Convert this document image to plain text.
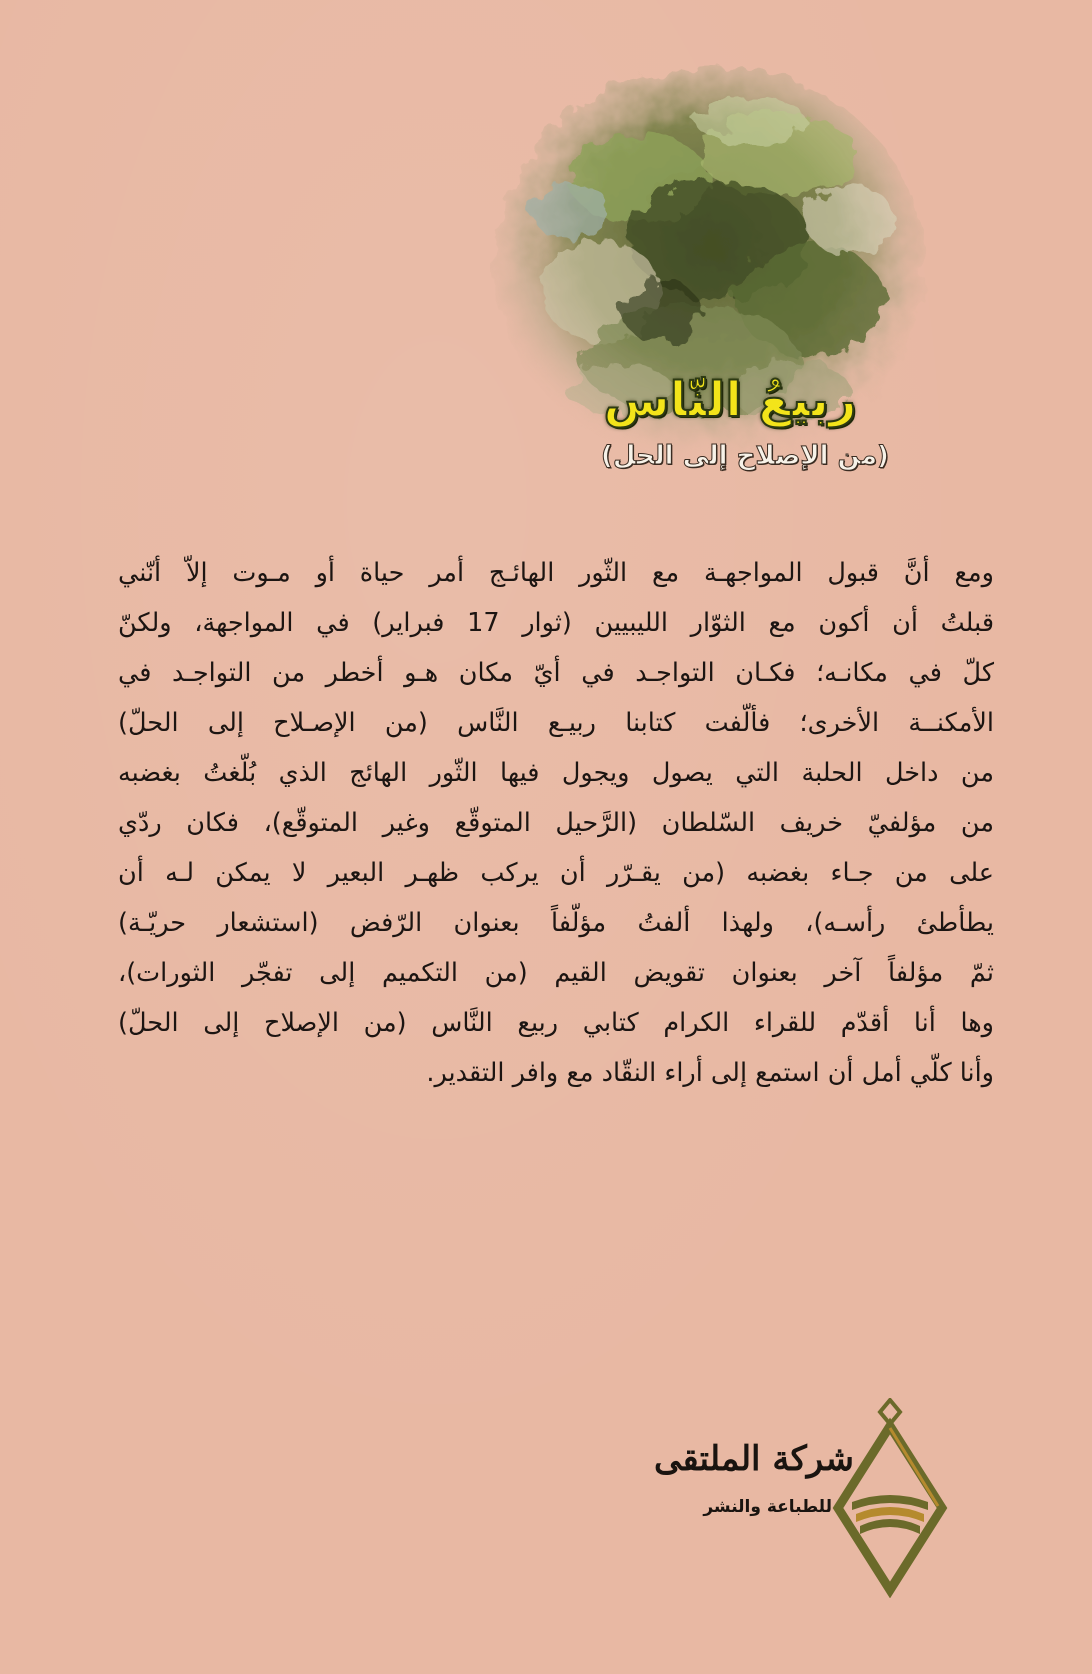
ربيعُ النّاس
(من الإصلاح إلى الحل)
ومع أنَّ قبول المواجهـة مع الثّور الهائـج أمر حياة أو مـوت إلاّ أنّني
قبلتُ أن أكون مع الثوّار الليبيين (ثوار 17 فبراير) في المواجهة، ولكنّ
كلّ في مكانـه؛ فكـان التواجـد في أيّ مكان هـو أخطر من التواجـد في
الأمكنــة الأخرى؛ فألّفت كتابنا ربيـع النَّاس (من الإصـلاح إلى الحلّ)
من داخل الحلبة التي يصول ويجول فيها الثّور الهائج الذي بُلّغتُ بغضبه
من مؤلفيّ خريف السّلطان (الرَّحيل المتوقّع وغير المتوقّع)، فكان ردّي
على من جـاء بغضبه (من يقـرّر أن يركب ظهـر البعير لا يمكن لـه أن
يطأطئ رأسـه)، ولهذا ألفتُ مؤلّفاً بعنوان الرّفض (استشعار حريّـة)
ثمّ مؤلفاً آخر بعنوان تقويض القيم (من التكميم إلى تفجّر الثورات)،
وها أنا أقدّم للقراء الكرام كتابي ربيع النَّاس (من الإصلاح إلى الحلّ)
وأنا كلّي أمل أن استمع إلى أراء النقّاد مع وافر التقدير.
شركة الملتقى
للطباعة والنشر
